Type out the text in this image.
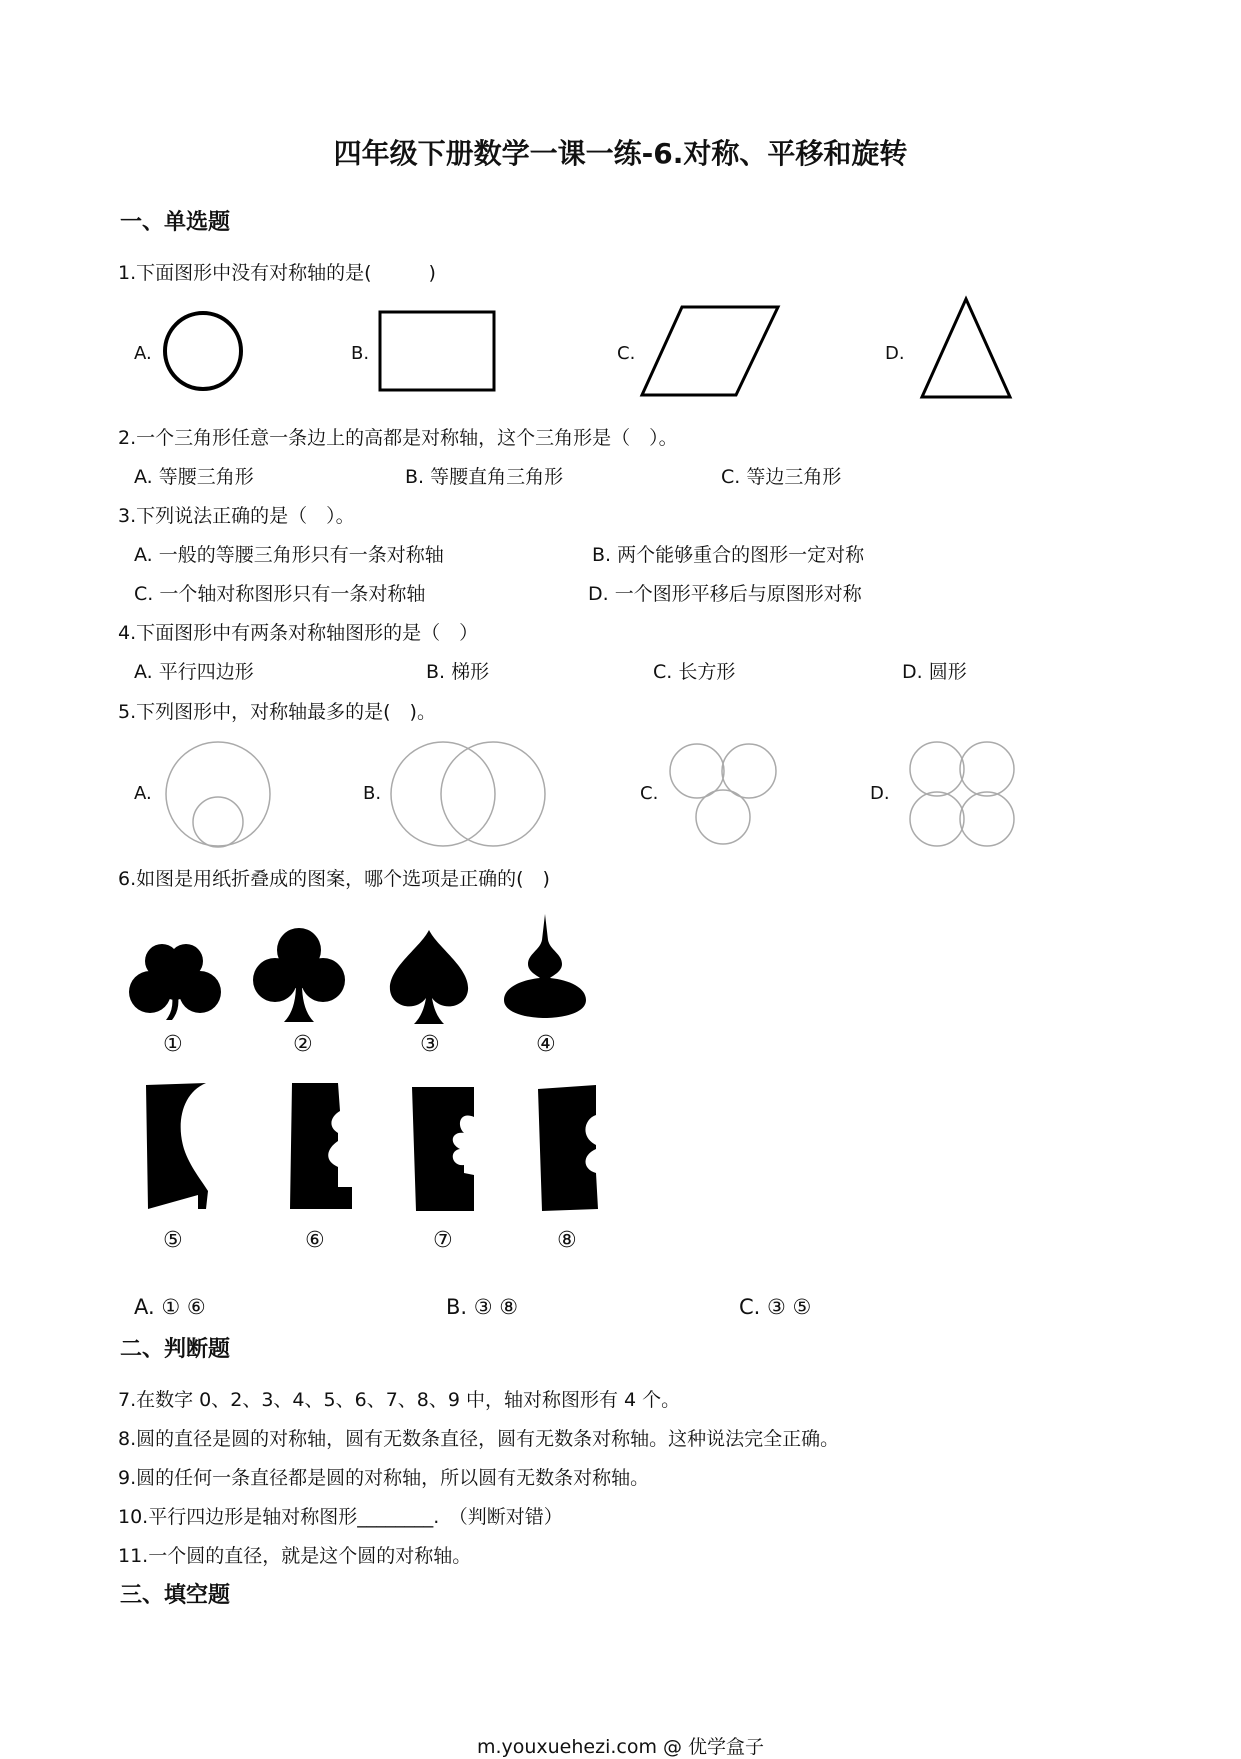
四年级下册数学一课一练-6.对称、平移和旋转
一、单选题
1.下面图形中没有对称轴的是(　　　)
A.	B.	C.	D.
2.一个三角形任意一条边上的高都是对称轴，这个三角形是（　）。
A. 等腰三角形	B. 等腰直角三角形	C. 等边三角形
3.下列说法正确的是（　）。
A. 一般的等腰三角形只有一条对称轴	B. 两个能够重合的图形一定对称
C. 一个轴对称图形只有一条对称轴	D. 一个图形平移后与原图形对称
4.下面图形中有两条对称轴图形的是（　）
A. 平行四边形	B. 梯形	C. 长方形	D. 圆形
5.下列图形中，对称轴最多的是(　)。
A.	B.	C.	D.
6.如图是用纸折叠成的图案，哪个选项是正确的(　)
①	②	③	④
⑤	⑥	⑦	⑧
A. ① ⑥	B. ③ ⑧	C. ③ ⑤
二、判断题
7.在数字 0、2、3、4、5、6、7、8、9 中，轴对称图形有 4 个。
8.圆的直径是圆的对称轴，圆有无数条直径，圆有无数条对称轴。这种说法完全正确。
9.圆的任何一条直径都是圆的对称轴，所以圆有无数条对称轴。
10.平行四边形是轴对称图形________.　（判断对错）
11.一个圆的直径，就是这个圆的对称轴。
三、填空题
m.youxuehezi.com @ 优学盒子
